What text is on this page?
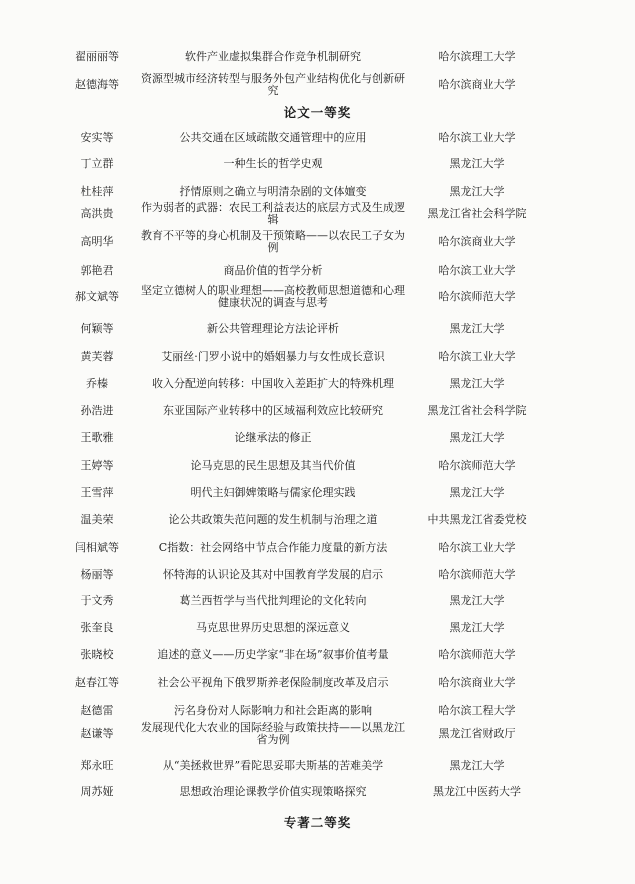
翟丽丽等	软件产业虚拟集群合作竞争机制研究	哈尔滨理工大学
赵德海等	资源型城市经济转型与服务外包产业结构优化与创新研究	哈尔滨商业大学
论文一等奖
安实等	公共交通在区域疏散交通管理中的应用	哈尔滨工业大学
丁立群	一种生长的哲学史观	黑龙江大学
杜桂萍	抒情原则之确立与明清杂剧的文体嬗变	黑龙江大学
高洪贵	作为弱者的武器：农民工利益表达的底层方式及生成逻辑	黑龙江省社会科学院
高明华	教育不平等的身心机制及干预策略——以农民工子女为例	哈尔滨商业大学
郭艳君	商品价值的哲学分析	哈尔滨工业大学
郝文斌等	坚定立德树人的职业理想——高校教师思想道德和心理健康状况的调查与思考	哈尔滨师范大学
何颖等	新公共管理理论方法论评析	黑龙江大学
黄芙蓉	艾丽丝·门罗小说中的婚姻暴力与女性成长意识	哈尔滨工业大学
乔榛	收入分配逆向转移：中国收入差距扩大的特殊机理	黑龙江大学
孙浩进	东亚国际产业转移中的区域福利效应比较研究	黑龙江省社会科学院
王歌雅	论继承法的修正	黑龙江大学
王婷等	论马克思的民生思想及其当代价值	哈尔滨师范大学
王雪萍	明代主妇御婢策略与儒家伦理实践	黑龙江大学
温美荣	论公共政策失范问题的发生机制与治理之道	中共黑龙江省委党校
闫相斌等	C指数：社会网络中节点合作能力度量的新方法	哈尔滨工业大学
杨丽等	怀特海的认识论及其对中国教育学发展的启示	哈尔滨师范大学
于文秀	葛兰西哲学与当代批判理论的文化转向	黑龙江大学
张奎良	马克思世界历史思想的深远意义	黑龙江大学
张晓校	追述的意义——历史学家“非在场”叙事价值考量	哈尔滨师范大学
赵春江等	社会公平视角下俄罗斯养老保险制度改革及启示	哈尔滨商业大学
赵德雷	污名身份对人际影响力和社会距离的影响	哈尔滨工程大学
赵谦等	发展现代化大农业的国际经验与政策扶持——以黑龙江省为例	黑龙江省财政厅
郑永旺	从“美拯救世界”看陀思妥耶夫斯基的苦难美学	黑龙江大学
周苏娅	思想政治理论课教学价值实现策略探究	黑龙江中医药大学
专著二等奖
